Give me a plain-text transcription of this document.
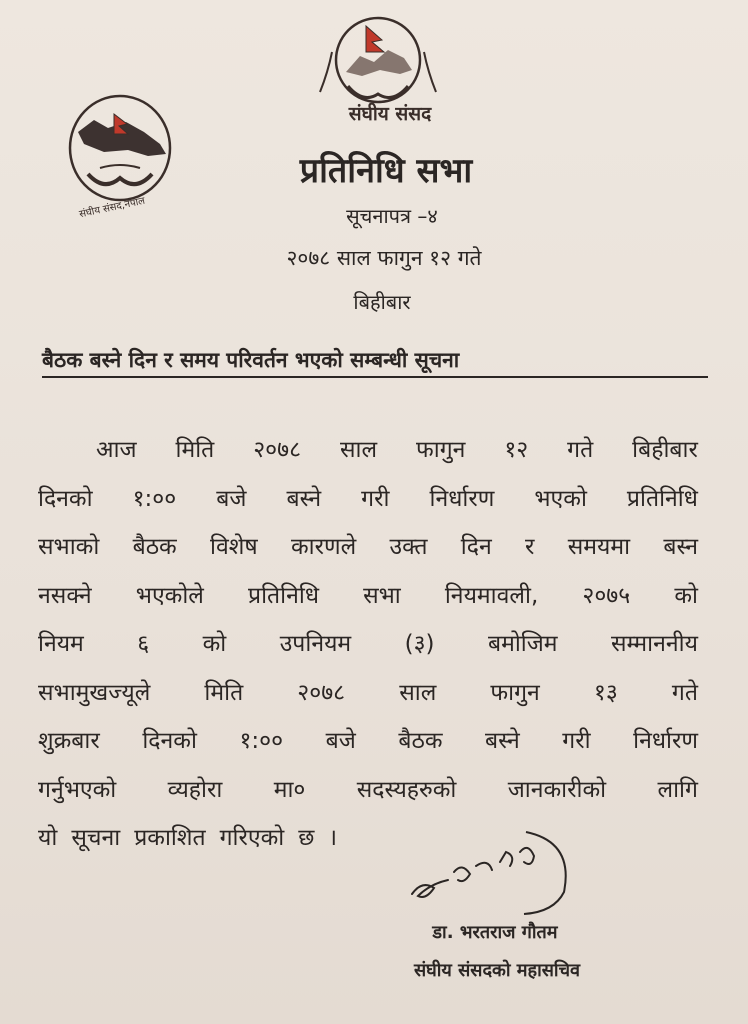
संघीय संसद
संघीय संसद,नेपाल
प्रतिनिधि सभा
सूचनापत्र –४
२०७८ साल फागुन १२ गते
बिहीबार
बैठक बस्ने दिन र समय परिवर्तन भएको सम्बन्धी सूचना
आज मिति २०७८ साल फागुन १२ गते बिहीबार
दिनको १:०० बजे बस्ने गरी निर्धारण भएको प्रतिनिधि
सभाको बैठक विशेष कारणले उक्त दिन र समयमा बस्न
नसक्ने भएकोले प्रतिनिधि सभा नियमावली, २०७५ को
नियम ६ को उपनियम (३) बमोजिम सम्माननीय
सभामुखज्यूले मिति २०७८ साल फागुन १३ गते
शुक्रबार दिनको १:०० बजे बैठक बस्ने गरी निर्धारण
गर्नुभएको व्यहोरा मा० सदस्यहरुको जानकारीको लागि
यो सूचना प्रकाशित गरिएको छ ।
डा. भरतराज गौतम
संघीय संसदको महासचिव
